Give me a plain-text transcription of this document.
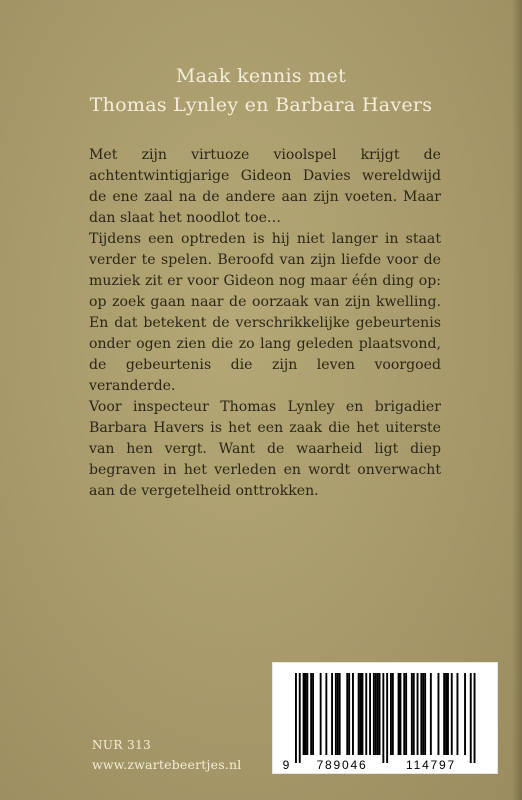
Maak kennis met
Thomas Lynley en Barbara Havers

Met zijn virtuoze vioolspel krijgt de achtentwintigjarige Gideon Davies wereldwijd de ene zaal na de andere aan zijn voeten. Maar dan slaat het noodlot toe…

Tijdens een optreden is hij niet langer in staat verder te spelen. Beroofd van zijn liefde voor de muziek zit er voor Gideon nog maar één ding op: op zoek gaan naar de oorzaak van zijn kwelling. En dat betekent de verschrikkelijke gebeurtenis onder ogen zien die zo lang geleden plaatsvond, de gebeurtenis die zijn leven voorgoed veranderde.

Voor inspecteur Thomas Lynley en brigadier Barbara Havers is het een zaak die het uiterste van hen vergt. Want de waarheid ligt diep begraven in het verleden en wordt onverwacht aan de vergetelheid onttrokken.

9 789046	114797
NUR 313
www.zwartebeertjes.nl
